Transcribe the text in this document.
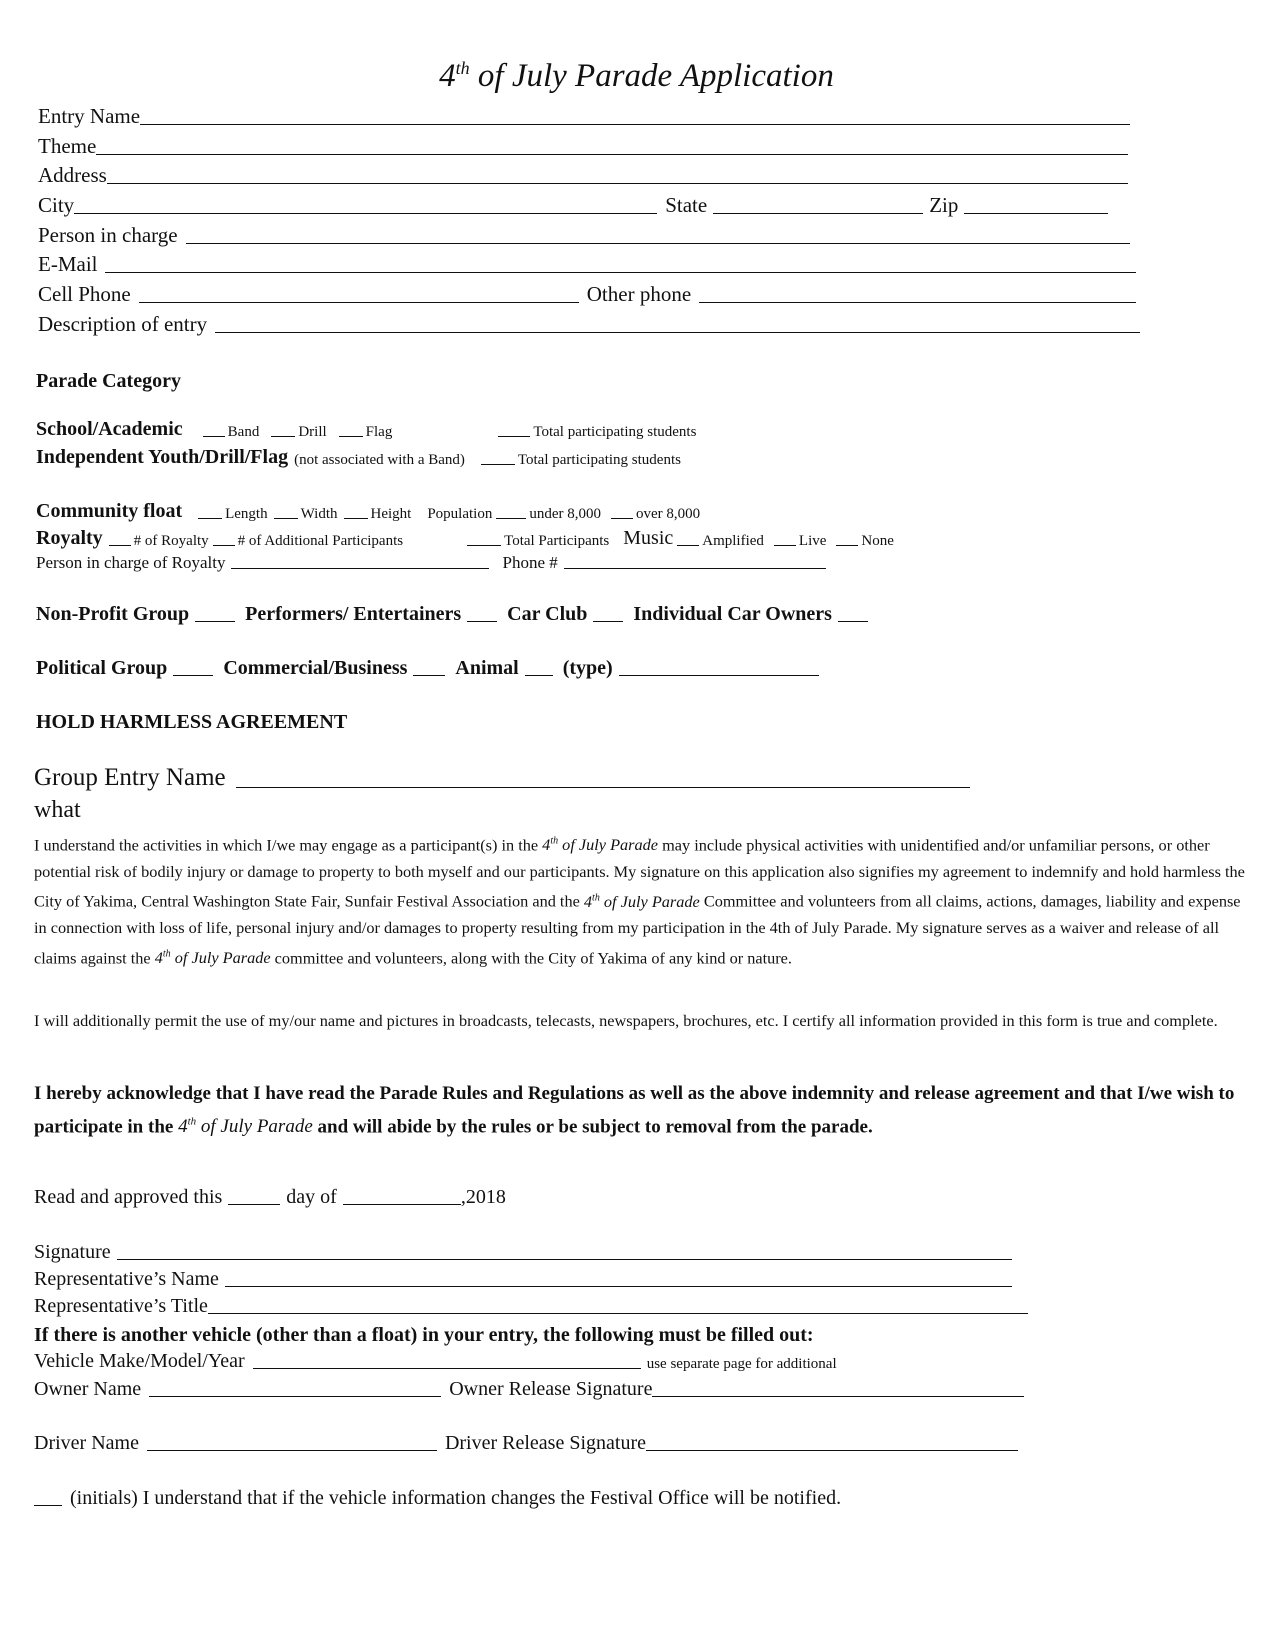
4th of July Parade Application
Entry Name
Theme
Address
City	State	Zip
Person in charge
E-Mail
Cell Phone	Other phone
Description of entry
Parade Category
School/Academic	Band	Drill	Flag	Total participating students
Independent Youth/Drill/Flag (not associated with a Band)	Total participating students
Community float	Length Width Height Population under 8,000 over 8,000
Royalty # of Royalty # of Additional Participants	Total Participants Music Amplified Live None
Person in charge of Royalty	Phone #
Non-Profit Group	Performers/ Entertainers Car Club Individual Car Owners
Political Group	Commercial/Business Animal (type)
HOLD HARMLESS AGREEMENT
Group Entry Name
what
I understand the activities in which I/we may engage as a participant(s) in the 4th of July Parade may include physical activities with unidentified and/or unfamiliar persons, or other potential risk of bodily injury or damage to property to both myself and our participants. My signature on this application also signifies my agreement to indemnify and hold harmless the City of Yakima, Central Washington State Fair, Sunfair Festival Association and the 4th of July Parade Committee and volunteers from all claims, actions, damages, liability and expense in connection with loss of life, personal injury and/or damages to property resulting from my participation in the 4th of July Parade. My signature serves as a waiver and release of all claims against the 4th of July Parade committee and volunteers, along with the City of Yakima of any kind or nature.
I will additionally permit the use of my/our name and pictures in broadcasts, telecasts, newspapers, brochures, etc. I certify all information provided in this form is true and complete.
I hereby acknowledge that I have read the Parade Rules and Regulations as well as the above indemnity and release agreement and that I/we wish to participate in the 4th of July Parade and will abide by the rules or be subject to removal from the parade.
Read and approved this	day of	,2018
Signature
Representative’s Name
Representative’s Title
If there is another vehicle (other than a float) in your entry, the following must be filled out:
Vehicle Make/Model/Year	use separate page for additional
Owner Name	Owner Release Signature
Driver Name	Driver Release Signature
(initials) I understand that if the vehicle information changes the Festival Office will be notified.
